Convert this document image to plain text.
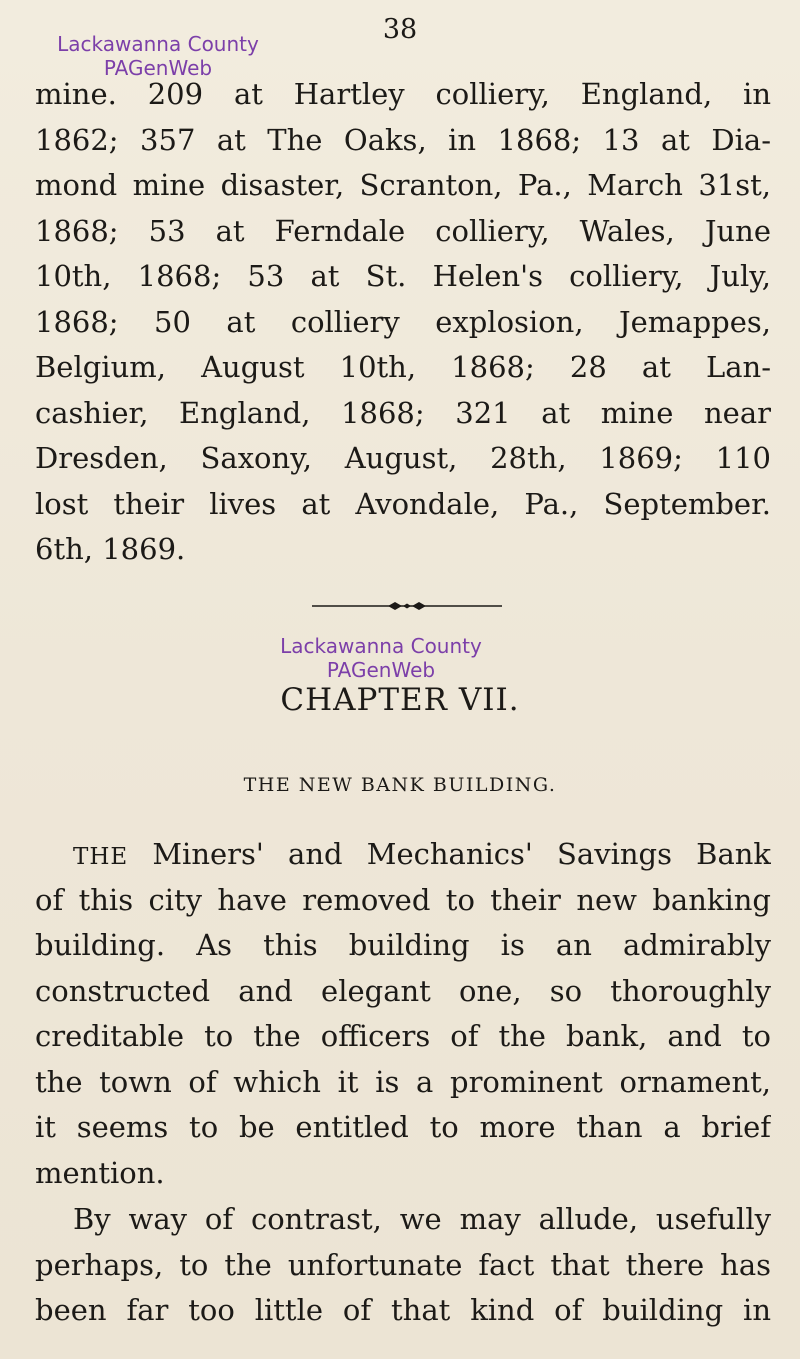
38
Lackawanna County
PAGenWeb
mine. 209 at Hartley colliery, England, in
1862; 357 at The Oaks, in 1868; 13 at Dia-
mond mine disaster, Scranton, Pa., March 31st,
1868; 53 at Ferndale colliery, Wales, June
10th, 1868; 53 at St. Helen's colliery, July,
1868; 50 at colliery explosion, Jemappes,
Belgium, August 10th, 1868; 28 at Lan-
cashier, England, 1868; 321 at mine near
Dresden, Saxony, August, 28th, 1869; 110
lost their lives at Avondale, Pa., September.
6th, 1869.
Lackawanna County
PAGenWeb
CHAPTER VII.
THE NEW BANK BUILDING.
THE Miners' and Mechanics' Savings Bank
of this city have removed to their new banking
building. As this building is an admirably
constructed and elegant one, so thoroughly
creditable to the officers of the bank, and to
the town of which it is a prominent ornament,
it seems to be entitled to more than a brief
mention.
By way of contrast, we may allude, usefully
perhaps, to the unfortunate fact that there has
been far too little of that kind of building in
